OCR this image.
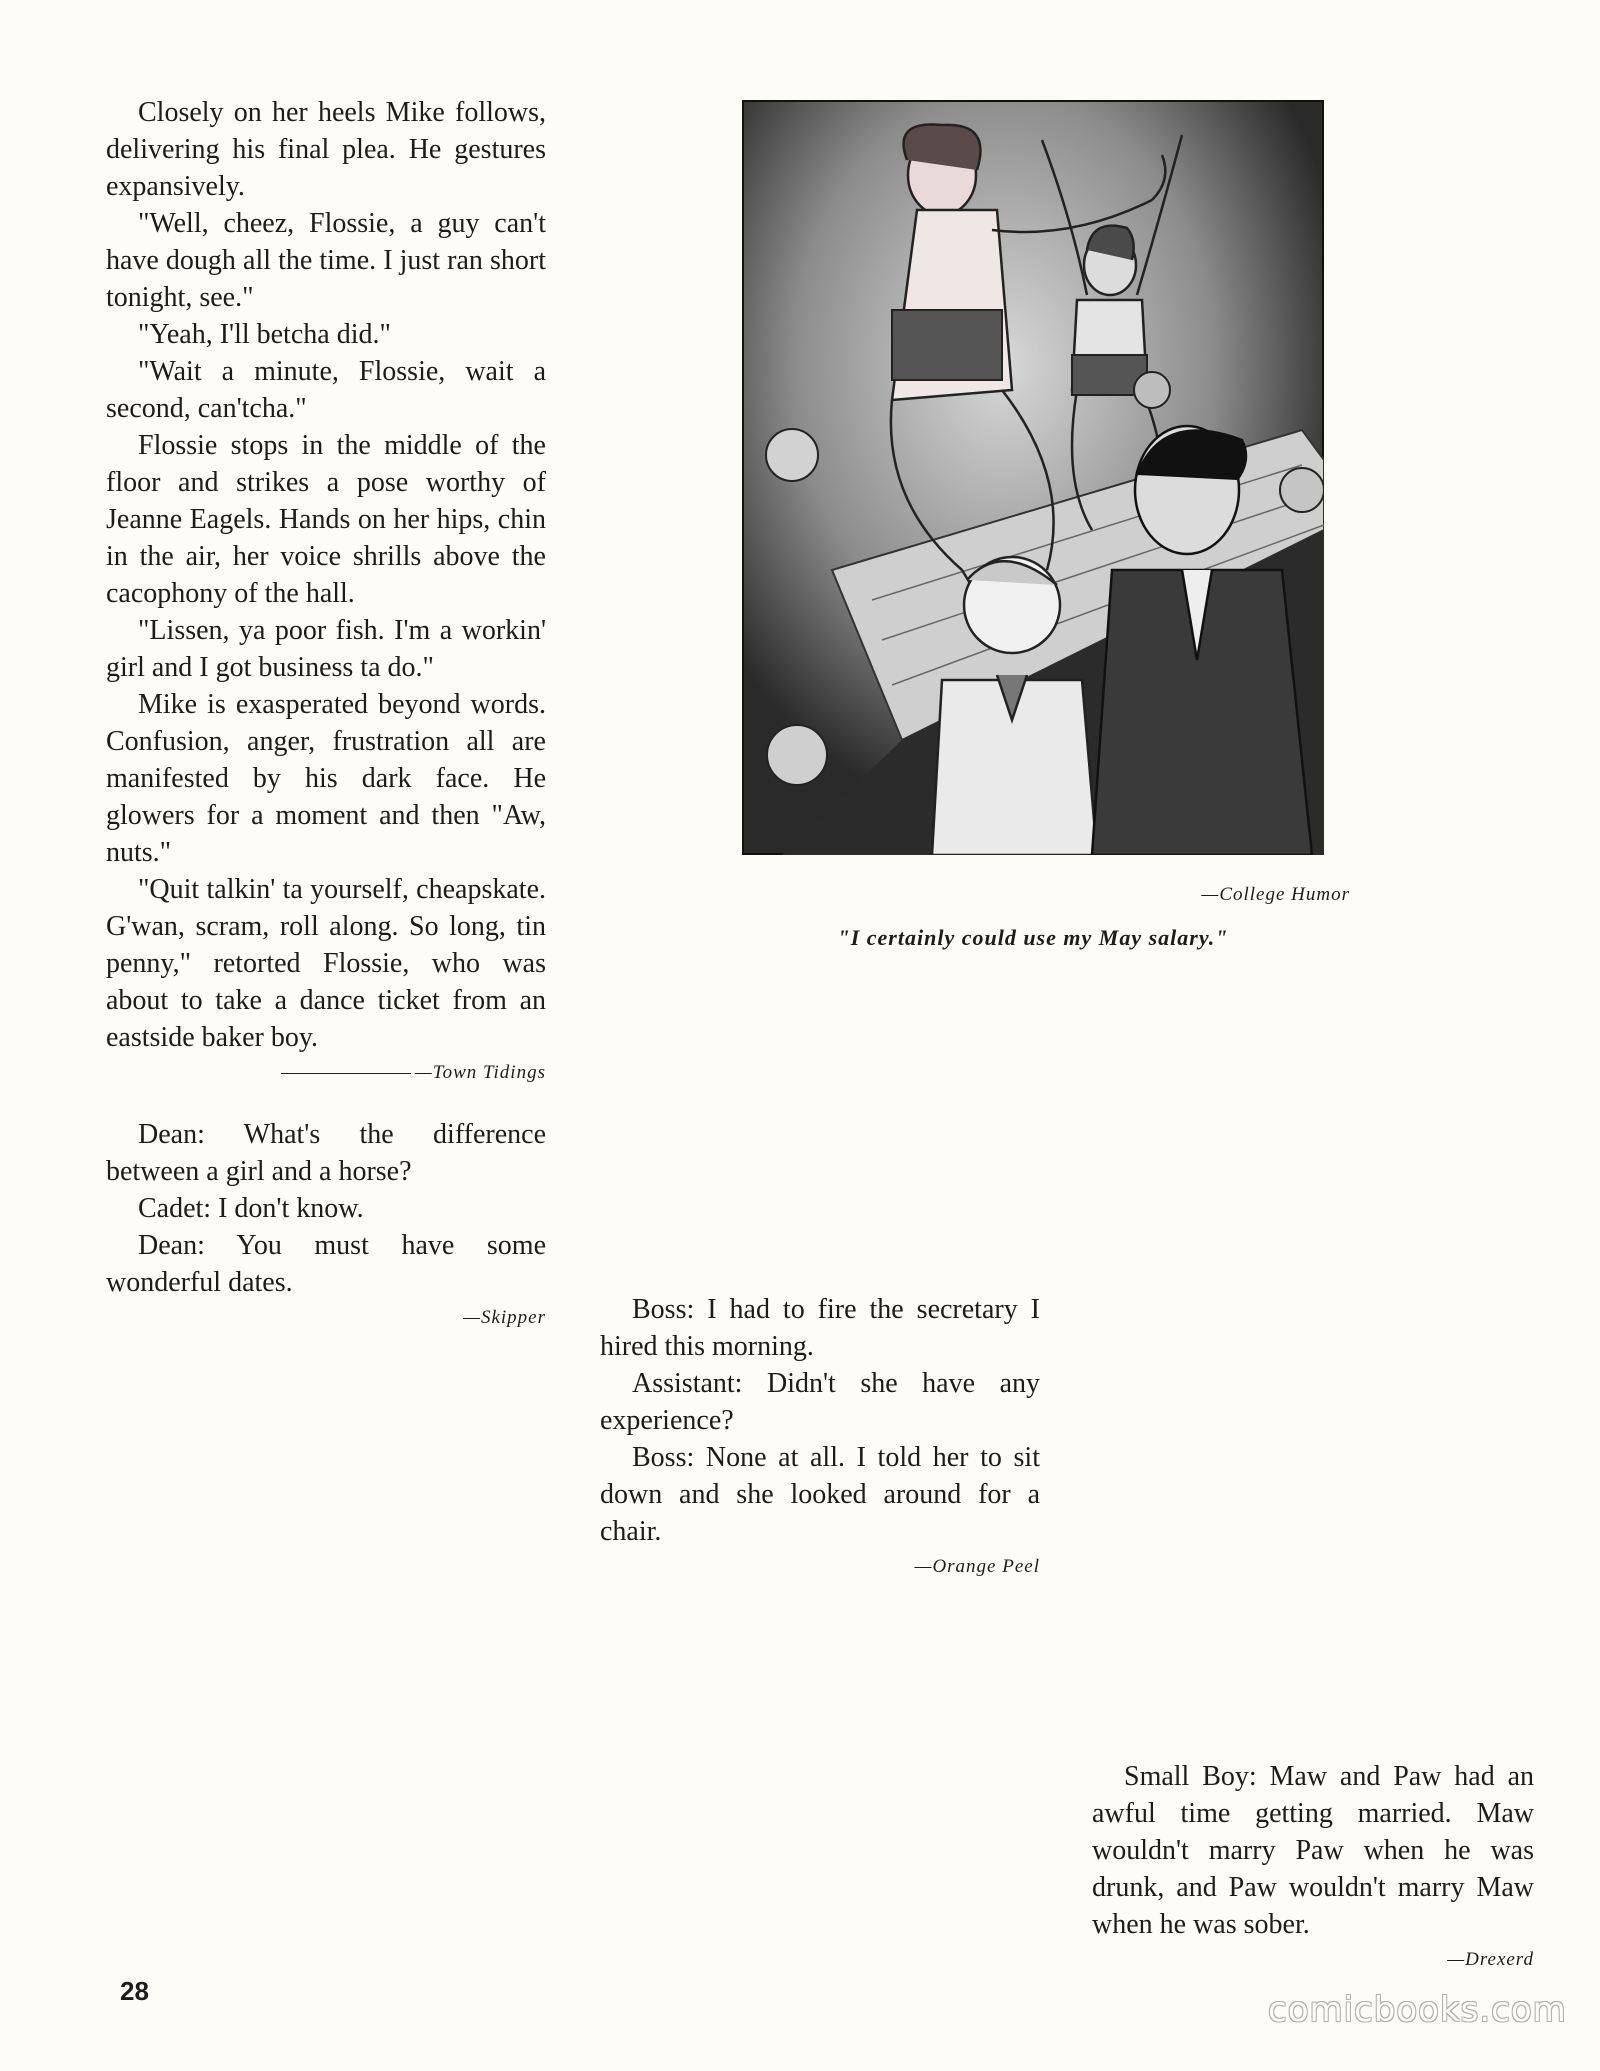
Closely on her heels Mike follows, delivering his final plea. He gestures expansively.

"Well, cheez, Flossie, a guy can't have dough all the time. I just ran short tonight, see."

"Yeah, I'll betcha did."

"Wait a minute, Flossie, wait a second, can'tcha."

Flossie stops in the middle of the floor and strikes a pose worthy of Jeanne Eagels. Hands on her hips, chin in the air, her voice shrills above the cacophony of the hall.

"Lissen, ya poor fish. I'm a workin' girl and I got business ta do."

Mike is exasperated beyond words. Confusion, anger, frustration all are manifested by his dark face. He glowers for a moment and then "Aw, nuts."

"Quit talkin' ta yourself, cheapskate. G'wan, scram, roll along. So long, tin penny," retorted Flossie, who was about to take a dance ticket from an eastside baker boy.

—Town Tidings

Dean: What's the difference between a girl and a horse?

Cadet: I don't know.

Dean: You must have some wonderful dates.

—Skipper
—College Humor
"I certainly could use my May salary."

Boss: I had to fire the secretary I hired this morning.

Assistant: Didn't she have any experience?

Boss: None at all. I told her to sit down and she looked around for a chair.

—Orange Peel

Small Boy: Maw and Paw had an awful time getting married. Maw wouldn't marry Paw when he was drunk, and Paw wouldn't marry Maw when he was sober.

—Drexerd
28	comicbooks.com
